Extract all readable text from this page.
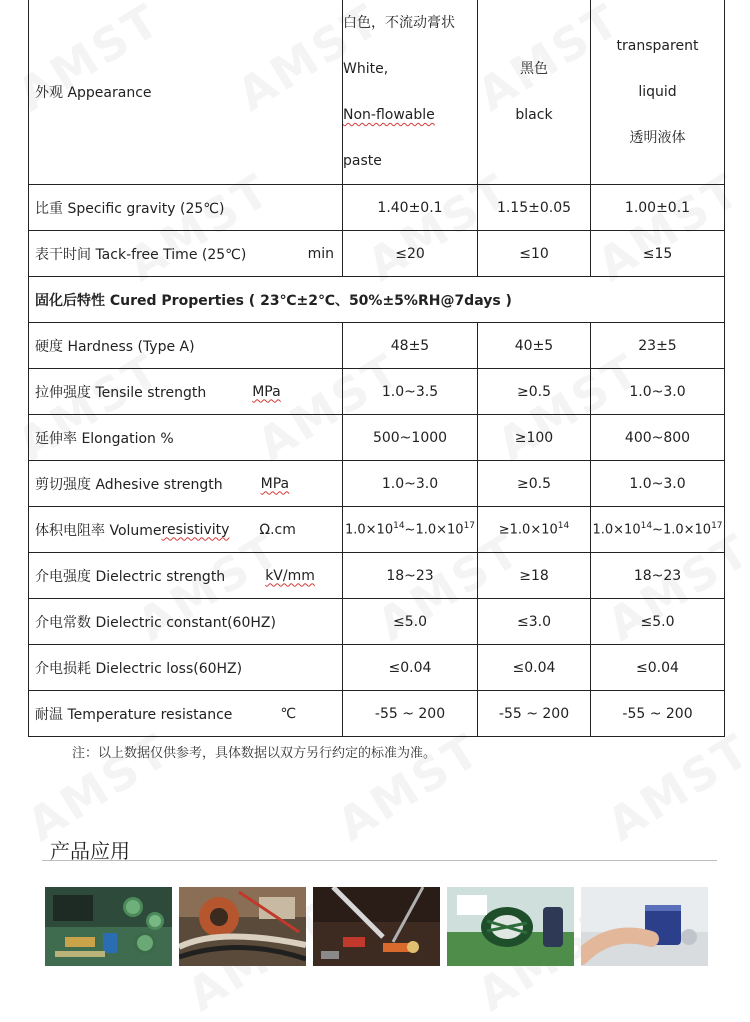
外观 Appearance	白色，不流动膏状
White,
Non-flowable
paste	黑色
black	transparent
liquid
透明液体

比重 Specific gravity (25℃)	1.40±0.1	1.15±0.05	1.00±0.1

表干时间 Tack-free Time (25℃) min	≤20	≤10	≤15
固化后特性 Cured Properties ( 23℃±2℃、50%±5%RH@7days )			

硬度 Hardness (Type A)	48±5	40±5	23±5

拉伸强度 Tensile strength MPa	1.0~3.5	≥0.5	1.0~3.0

延伸率 Elongation %	500~1000	≥100	400~800

剪切强度 Adhesive strength MPa	1.0~3.0	≥0.5	1.0~3.0

体积电阻率 Volume resistivity Ω.cm	$1.0\times 10^{14}\sim 1.0\times 10^{17}$	$\ge 1.0\times 10^{14}$	$1.0\times 10^{14}\sim 1.0\times 10^{17}$

介电强度 Dielectric strength kV/mm	18~23	≥18	18~23

介电常数 Dielectric constant(60HZ)	≤5.0	≤3.0	≤5.0

介电损耗 Dielectric loss(60HZ)	≤0.04	≤0.04	≤0.04

耐温 Temperature resistance ℃	-55 ~ 200	-55 ~ 200	-55 ~ 200
注：以上数据仅供参考，具体数据以双方另行约定的标准为准。
产品应用
